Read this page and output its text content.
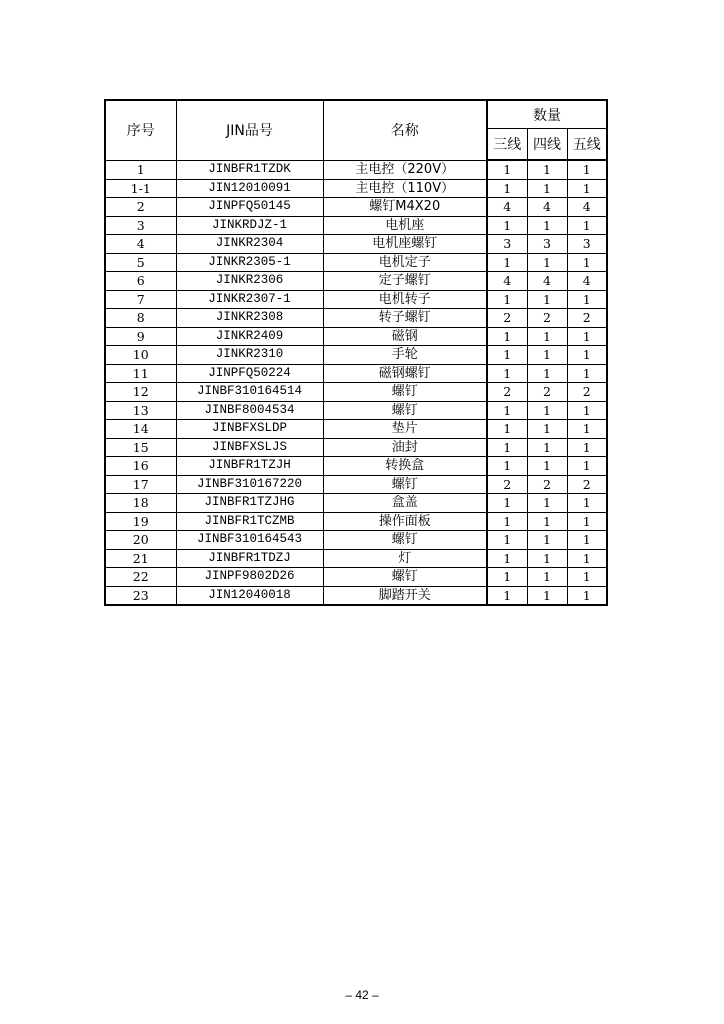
序号	JIN品号	名称	数量		
			三线	四线	五线
1	JINBFR1TZDK	主电控（220V）	1	1	1
1-1	JIN12010091	主电控（110V）	1	1	1
2	JINPFQ50145	螺钉M4X20	4	4	4
3	JINKRDJZ-1	电机座	1	1	1
4	JINKR2304	电机座螺钉	3	3	3
5	JINKR2305-1	电机定子	1	1	1
6	JINKR2306	定子螺钉	4	4	4
7	JINKR2307-1	电机转子	1	1	1
8	JINKR2308	转子螺钉	2	2	2
9	JINKR2409	磁钢	1	1	1
10	JINKR2310	手轮	1	1	1
11	JINPFQ50224	磁钢螺钉	1	1	1
12	JINBF310164514	螺钉	2	2	2
13	JINBF8004534	螺钉	1	1	1
14	JINBFXSLDP	垫片	1	1	1
15	JINBFXSLJS	油封	1	1	1
16	JINBFR1TZJH	转换盒	1	1	1
17	JINBF310167220	螺钉	2	2	2
18	JINBFR1TZJHG	盒盖	1	1	1
19	JINBFR1TCZMB	操作面板	1	1	1
20	JINBF310164543	螺钉	1	1	1
21	JINBFR1TDZJ	灯	1	1	1
22	JINPF9802D26	螺钉	1	1	1
23	JIN12040018	脚踏开关	1	1	1
– 42 –
